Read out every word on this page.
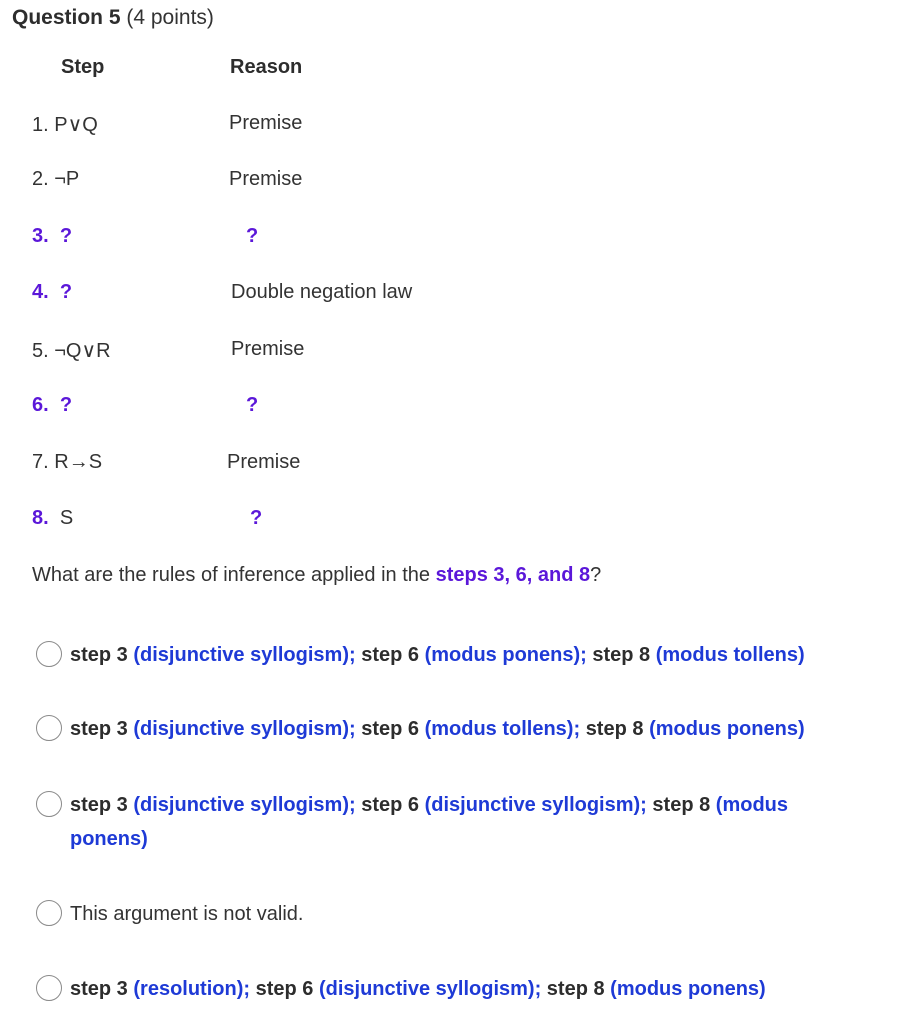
Question 5 (4 points)
Step	Reason
1. P∨Q	Premise
2. ¬P	Premise
3. ?	?
4. ?	Double negation law
5. ¬Q∨R	Premise
6. ?	?
7. R→S	Premise
8. S	?
What are the rules of inference applied in the steps 3, 6, and 8?
step 3 (disjunctive syllogism); step 6 (modus ponens); step 8 (modus tollens)
step 3 (disjunctive syllogism); step 6 (modus tollens); step 8 (modus ponens)
step 3 (disjunctive syllogism); step 6 (disjunctive syllogism); step 8 (modus ponens)
This argument is not valid.
step 3 (resolution); step 6 (disjunctive syllogism); step 8 (modus ponens)
